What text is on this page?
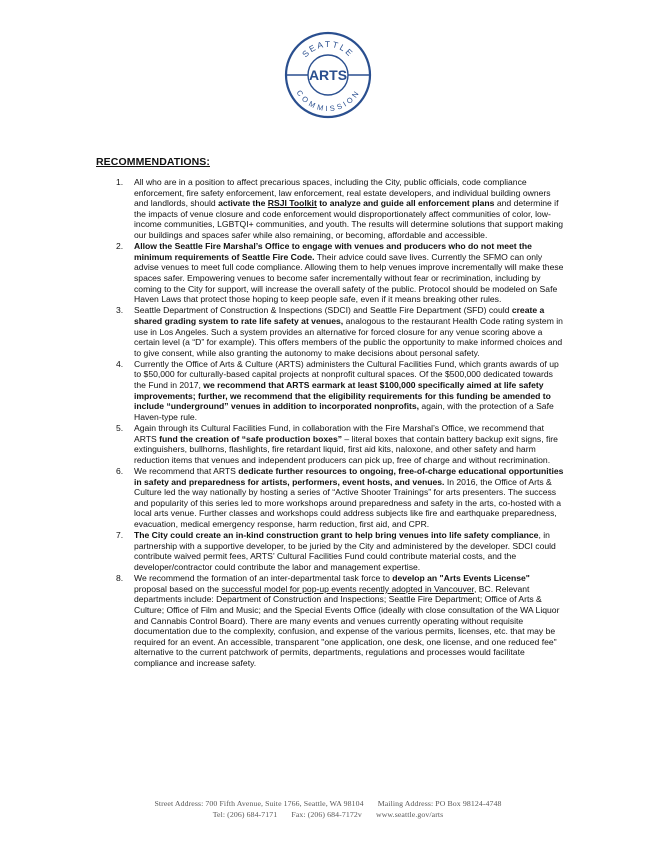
SEATTLE
COMMISSION
ARTS
RECOMMENDATIONS:
1. All who are in a position to affect precarious spaces, including the City, public officials, code compliance enforcement, fire safety enforcement, law enforcement, real estate developers, and individual building owners and landlords, should activate the RSJI Toolkit to analyze and guide all enforcement plans and determine if the impacts of venue closure and code enforcement would disproportionately affect communities of color, low-income communities, LGBTQI+ communities, and youth. The results will determine solutions that support making our buildings and spaces safer while also remaining, or becoming, affordable and accessible.
2. Allow the Seattle Fire Marshal’s Office to engage with venues and producers who do not meet the minimum requirements of Seattle Fire Code. Their advice could save lives. Currently the SFMO can only advise venues to meet full code compliance. Allowing them to help venues improve incrementally will make these spaces safer. Empowering venues to become safer incrementally without fear or recrimination, including by coming to the City for support, will increase the overall safety of the public. Protocol should be modeled on Safe Haven Laws that protect those hoping to keep people safe, even if it means breaking other rules.
3. Seattle Department of Construction & Inspections (SDCI) and Seattle Fire Department (SFD) could create a shared grading system to rate life safety at venues, analogous to the restaurant Health Code rating system in use in Los Angeles. Such a system provides an alternative for forced closure for any venue scoring above a certain level (a “D” for example). This offers members of the public the opportunity to make informed choices and to give consent, while also granting the autonomy to make decisions about personal safety.
4. Currently the Office of Arts & Culture (ARTS) administers the Cultural Facilities Fund, which grants awards of up to $50,000 for culturally-based capital projects at nonprofit cultural spaces. Of the $500,000 dedicated towards the Fund in 2017, we recommend that ARTS earmark at least $100,000 specifically aimed at life safety improvements; further, we recommend that the eligibility requirements for this funding be amended to include “underground” venues in addition to incorporated nonprofits, again, with the protection of a Safe Haven-type rule.
5. Again through its Cultural Facilities Fund, in collaboration with the Fire Marshal’s Office, we recommend that ARTS fund the creation of “safe production boxes” – literal boxes that contain battery backup exit signs, fire extinguishers, bullhorns, flashlights, fire retardant liquid, first aid kits, naloxone, and other safety and harm reduction items that venues and independent producers can pick up, free of charge and without recrimination.
6. We recommend that ARTS dedicate further resources to ongoing, free-of-charge educational opportunities in safety and preparedness for artists, performers, event hosts, and venues. In 2016, the Office of Arts & Culture led the way nationally by hosting a series of “Active Shooter Trainings” for arts presenters. The success and popularity of this series led to more workshops around preparedness and safety in the arts, co-hosted with a local arts venue. Further classes and workshops could address subjects like fire and earthquake preparedness, evacuation, medical emergency response, harm reduction, first aid, and CPR.
7. The City could create an in-kind construction grant to help bring venues into life safety compliance, in partnership with a supportive developer, to be juried by the City and administered by the developer. SDCI could contribute waived permit fees, ARTS’ Cultural Facilities Fund could contribute material costs, and the developer/contractor could contribute the labor and management expertise.
8. We recommend the formation of an inter-departmental task force to develop an "Arts Events License" proposal based on the successful model for pop-up events recently adopted in Vancouver, BC. Relevant departments include: Department of Construction and Inspections; Seattle Fire Department; Office of Arts & Culture; Office of Film and Music; and the Special Events Office (ideally with close consultation of the WA Liquor and Cannabis Control Board). There are many events and venues currently operating without requisite documentation due to the complexity, confusion, and expense of the various permits, licenses, etc. that may be required for an event. An accessible, transparent "one application, one desk, one license, and one reduced fee" alternative to the current patchwork of permits, departments, regulations and processes would facilitate compliance and increase safety.
Street Address: 700 Fifth Avenue, Suite 1766, Seattle, WA 98104 Mailing Address: PO Box 98124-4748
Tel: (206) 684-7171 Fax: (206) 684-7172v www.seattle.gov/arts
